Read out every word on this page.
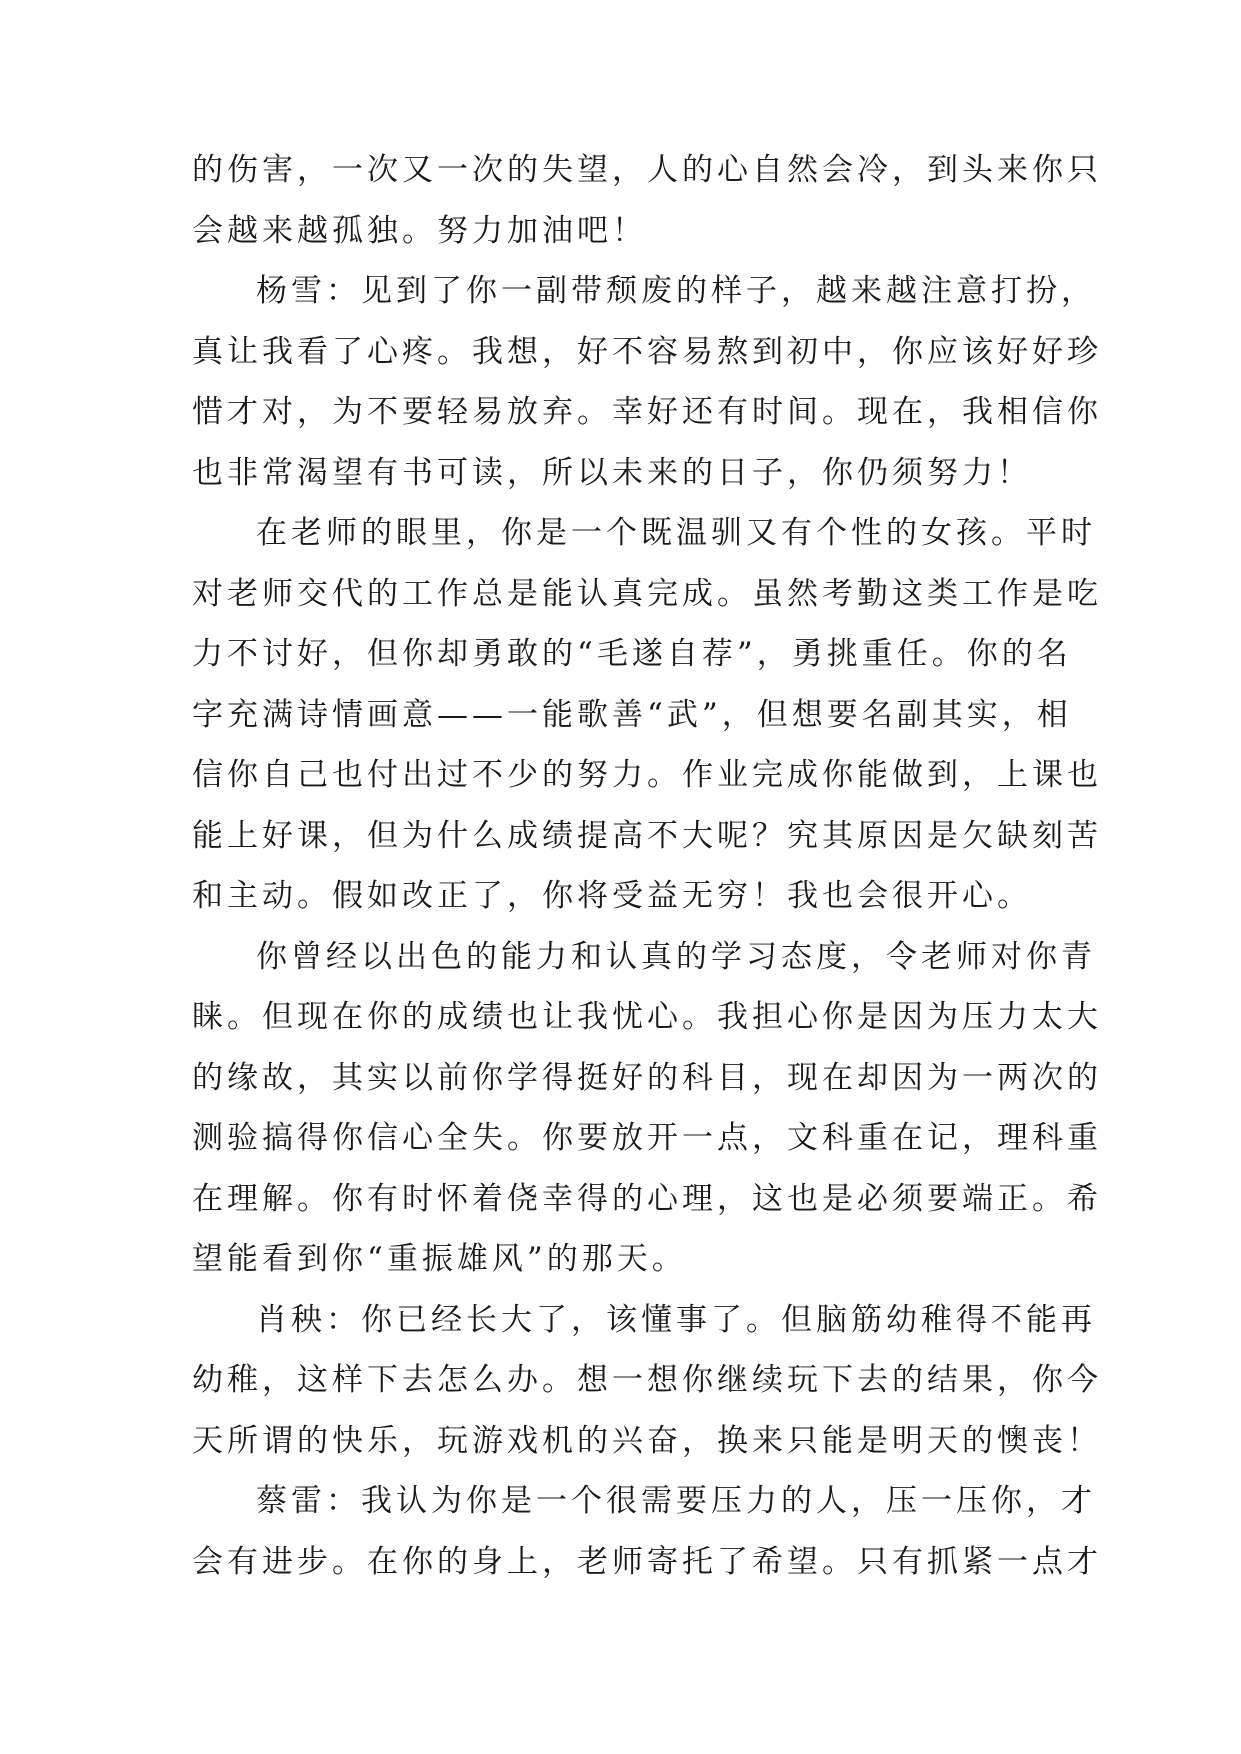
的伤害，一次又一次的失望，人的心自然会冷，到头来你只
会越来越孤独。努力加油吧！
杨雪：见到了你一副带颓废的样子，越来越注意打扮，
真让我看了心疼。我想，好不容易熬到初中，你应该好好珍
惜才对，为不要轻易放弃。幸好还有时间。现在，我相信你
也非常渴望有书可读，所以未来的日子，你仍须努力！
在老师的眼里，你是一个既温驯又有个性的女孩。平时
对老师交代的工作总是能认真完成。虽然考勤这类工作是吃
力不讨好，但你却勇敢的“毛遂自荐”，勇挑重任。你的名
字充满诗情画意——一能歌善“武”，但想要名副其实，相
信你自己也付出过不少的努力。作业完成你能做到，上课也
能上好课，但为什么成绩提高不大呢？究其原因是欠缺刻苦
和主动。假如改正了，你将受益无穷！我也会很开心。
你曾经以出色的能力和认真的学习态度，令老师对你青
睐。但现在你的成绩也让我忧心。我担心你是因为压力太大
的缘故，其实以前你学得挺好的科目，现在却因为一两次的
测验搞得你信心全失。你要放开一点，文科重在记，理科重
在理解。你有时怀着侥幸得的心理，这也是必须要端正。希
望能看到你“重振雄风”的那天。
肖秧：你已经长大了，该懂事了。但脑筋幼稚得不能再
幼稚，这样下去怎么办。想一想你继续玩下去的结果，你今
天所谓的快乐，玩游戏机的兴奋，换来只能是明天的懊丧！
蔡雷：我认为你是一个很需要压力的人，压一压你，才
会有进步。在你的身上，老师寄托了希望。只有抓紧一点才
